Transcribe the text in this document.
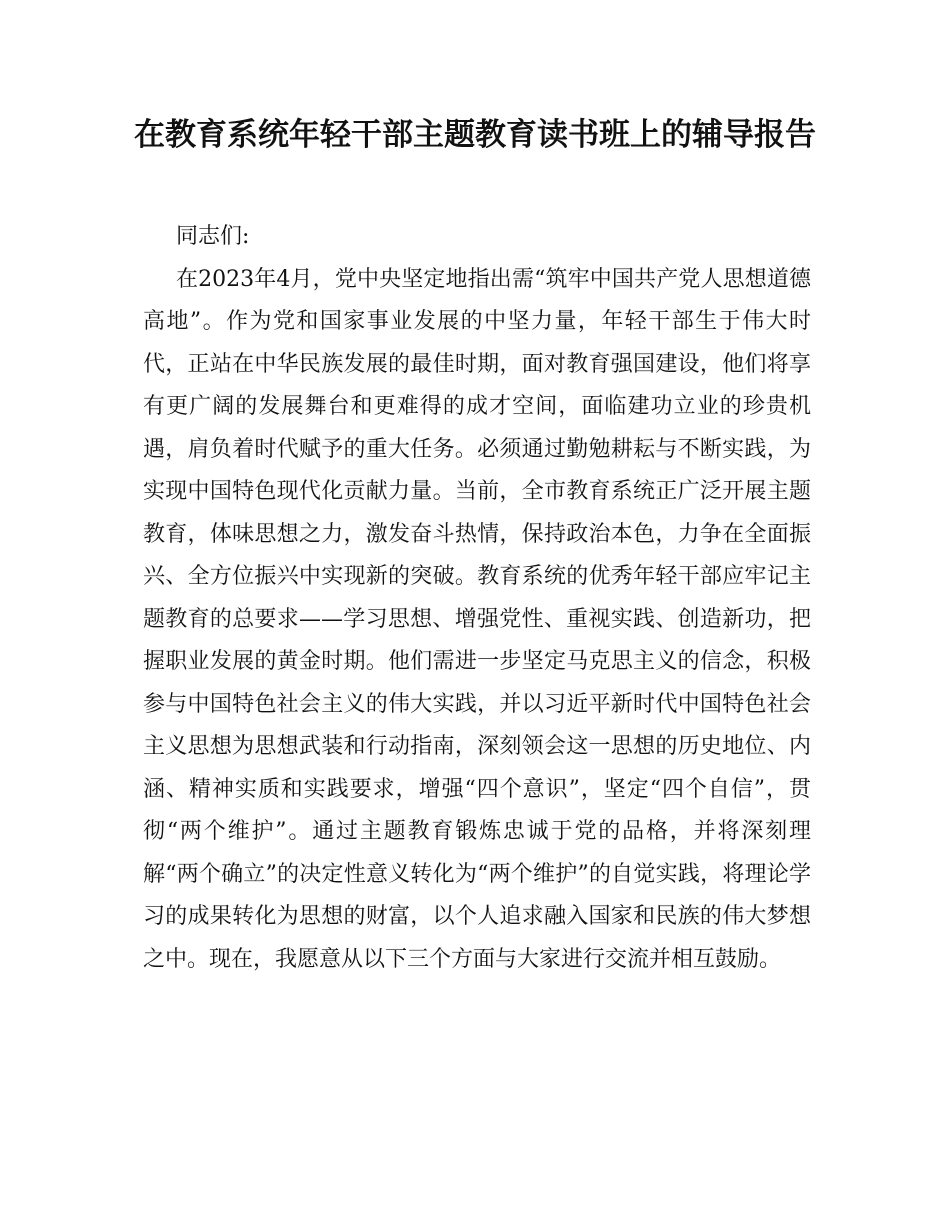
在教育系统年轻干部主题教育读书班上的辅导报告

同志们:

在2023年4月，党中央坚定地指出需“筑牢中国共产党人思想道德高地”。作为党和国家事业发展的中坚力量，年轻干部生于伟大时代，正站在中华民族发展的最佳时期，面对教育强国建设，他们将享有更广阔的发展舞台和更难得的成才空间，面临建功立业的珍贵机遇，肩负着时代赋予的重大任务。必须通过勤勉耕耘与不断实践，为实现中国特色现代化贡献力量。当前，全市教育系统正广泛开展主题教育，体味思想之力，激发奋斗热情，保持政治本色，力争在全面振兴、全方位振兴中实现新的突破。教育系统的优秀年轻干部应牢记主题教育的总要求——学习思想、增强党性、重视实践、创造新功，把握职业发展的黄金时期。他们需进一步坚定马克思主义的信念，积极参与中国特色社会主义的伟大实践，并以习近平新时代中国特色社会主义思想为思想武装和行动指南，深刻领会这一思想的历史地位、内涵、精神实质和实践要求，增强“四个意识”，坚定“四个自信”，贯彻“两个维护”。通过主题教育锻炼忠诚于党的品格，并将深刻理解“两个确立”的决定性意义转化为“两个维护”的自觉实践，将理论学习的成果转化为思想的财富，以个人追求融入国家和民族的伟大梦想之中。现在，我愿意从以下三个方面与大家进行交流并相互鼓励。
